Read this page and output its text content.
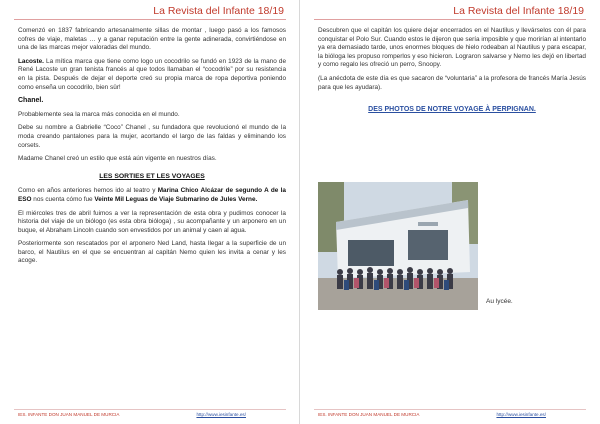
La Revista del Infante 18/19

Comenzó en 1837 fabricando artesanalmente sillas de montar , luego pasó a los famosos cofres de viaje, maletas … y a ganar reputación entre la gente adinerada, convirtiéndose en una de las marcas mejor valoradas del mundo.

Lacoste. La mítica marca que tiene como logo un cocodrilo se fundó en 1923 de la mano de René Lacoste un gran tenista francés al que todos llamaban el “cocodrile” por su resistencia en la pista. Después de dejar el deporte creó su propia marca de ropa deportiva poniendo como enseña un cocodrilo, bien sûr!

Chanel.

Probablemente sea la marca más conocida en el mundo.

Debe su nombre a Gabrielle “Coco” Chanel , su fundadora que revolucionó el mundo de la moda creando pantalones para la mujer, acortando el largo de las faldas y eliminando los corsets.

Madame Chanel creó un estilo que está aún vigente en nuestros días.

LES SORTIES ET LES VOYAGES

Como en años anteriores hemos ido al teatro y Marina Chico Alcázar de segundo A de la ESO nos cuenta cómo fue Veinte Mil Leguas de Viaje Submarino de Jules Verne.

El miércoles tres de abril fuimos a ver la representación de esta obra y pudimos conocer la historia del viaje de un biólogo (es esta obra bióloga) , su acompañante y un arponero en un buque, el Abraham Lincoln cuando son envestidos por un animal y caen al agua.

Posteriormente son rescatados por el arponero Ned Land, hasta llegar a la superficie de un barco, el Nautilus en el que se encuentran al capitán Nemo quien les invita a cenar y les acoge.

IES. INFANTE DON JUAN MANUEL DE MURCIA	http://www.iesinfante.es/
La Revista del Infante 18/19

Descubren que el capitán los quiere dejar encerrados en el Nautilus y llevárselos con él para conquistar el Polo Sur. Cuando estos le dijeron que sería imposible y que morirían al intentarlo ya era demasiado tarde, unos enormes bloques de hielo rodeaban al Nautilus y para escapar, la bióloga les propuso romperlos y eso hicieron. Lograron salvarse y Nemo les dejó en libertad y como regalo les ofreció un perro, Snoopy.

(La anécdota de este día es que sacaron de “voluntaria” a la profesora de francés María Jesús para que les ayudara).

DES PHOTOS DE NOTRE VOYAGE À PERPIGNAN.
Au lycée.
IES. INFANTE DON JUAN MANUEL DE MURCIA	http://www.iesinfante.es/
